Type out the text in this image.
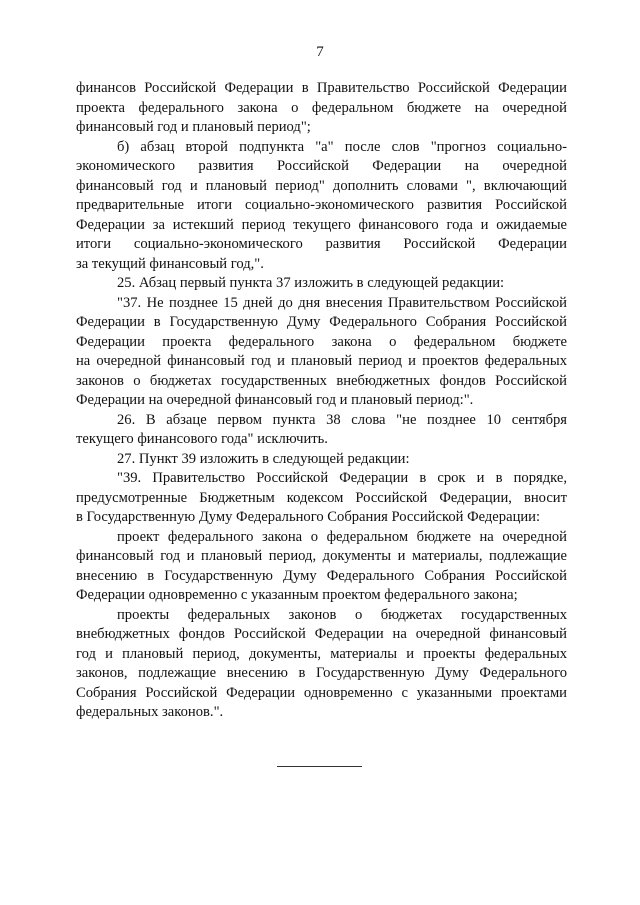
7
финансов Российской Федерации в Правительство Российской Федерации
проекта федерального закона о федеральном бюджете на очередной
финансовый год и плановый период";
б) абзац второй подпункта "а" после слов "прогноз социально-
экономического развития Российской Федерации на очередной
финансовый год и плановый период" дополнить словами ", включающий
предварительные итоги социально-экономического развития Российской
Федерации за истекший период текущего финансового года и ожидаемые
итоги социально-экономического развития Российской Федерации
за текущий финансовый год,".
25. Абзац первый пункта 37 изложить в следующей редакции:
"37. Не позднее 15 дней до дня внесения Правительством Российской
Федерации в Государственную Думу Федерального Собрания Российской
Федерации проекта федерального закона о федеральном бюджете
на очередной финансовый год и плановый период и проектов федеральных
законов о бюджетах государственных внебюджетных фондов Российской
Федерации на очередной финансовый год и плановый период:".
26. В абзаце первом пункта 38 слова "не позднее 10 сентября
текущего финансового года" исключить.
27. Пункт 39 изложить в следующей редакции:
"39. Правительство Российской Федерации в срок и в порядке,
предусмотренные Бюджетным кодексом Российской Федерации, вносит
в Государственную Думу Федерального Собрания Российской Федерации:
проект федерального закона о федеральном бюджете на очередной
финансовый год и плановый период, документы и материалы, подлежащие
внесению в Государственную Думу Федерального Собрания Российской
Федерации одновременно с указанным проектом федерального закона;
проекты федеральных законов о бюджетах государственных
внебюджетных фондов Российской Федерации на очередной финансовый
год и плановый период, документы, материалы и проекты федеральных
законов, подлежащие внесению в Государственную Думу Федерального
Собрания Российской Федерации одновременно с указанными проектами
федеральных законов.".
